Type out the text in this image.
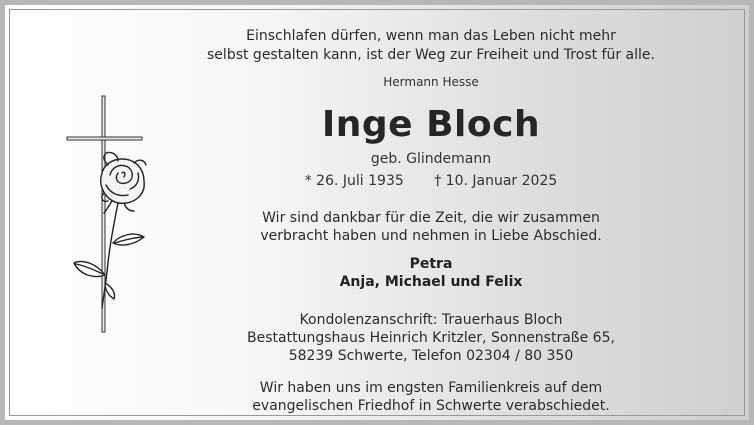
Einschlafen dürfen, wenn man das Leben nicht mehr
selbst gestalten kann, ist der Weg zur Freiheit und Trost für alle.
Hermann Hesse
Inge Bloch
geb. Glindemann
* 26. Juli 1935 † 10. Januar 2025
Wir sind dankbar für die Zeit, die wir zusammen
verbracht haben und nehmen in Liebe Abschied.
Petra
Anja, Michael und Felix
Kondolenzanschrift: Trauerhaus Bloch
Bestattungshaus Heinrich Kritzler, Sonnenstraße 65,
58239 Schwerte, Telefon 02304 / 80 350
Wir haben uns im engsten Familienkreis auf dem
evangelischen Friedhof in Schwerte verabschiedet.
